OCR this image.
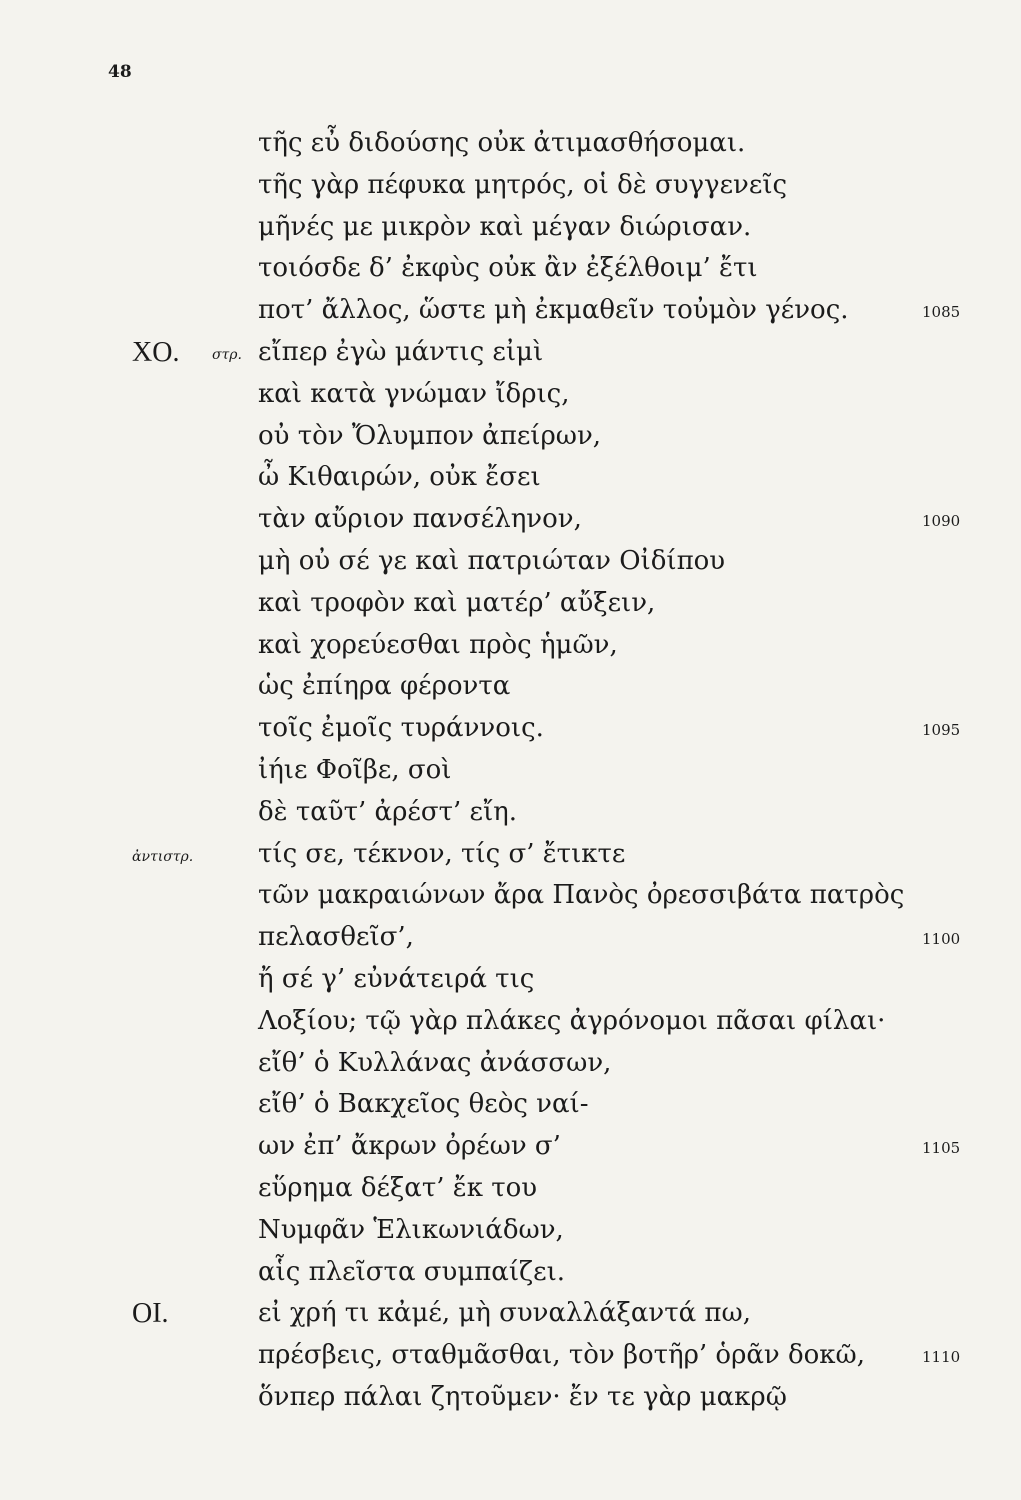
48
τῆς εὖ διδούσης οὐκ ἀτιμασθήσομαι.
τῆς γὰρ πέφυκα μητρός, οἱ δὲ συγγενεῖς
μῆνές με μικρὸν καὶ μέγαν διώρισαν.
τοιόσδε δ’ ἐκφὺς οὐκ ἂν ἐξέλθοιμ’ ἔτι
ποτ’ ἄλλος, ὥστε μὴ ἐκμαθεῖν τοὐμὸν γένος.	1085
ΧΟ. στρ. εἴπερ ἐγὼ μάντις εἰμὶ
καὶ κατὰ γνώμαν ἴδρις,
οὐ τὸν Ὄλυμπον ἀπείρων,
ὦ Κιθαιρών, οὐκ ἔσει
τὰν αὔριον πανσέληνον,	1090
μὴ οὐ σέ γε καὶ πατριώταν Οἰδίπου
καὶ τροφὸν καὶ ματέρ’ αὔξειν,
καὶ χορεύεσθαι πρὸς ἡμῶν,
ὡς ἐπίηρα φέροντα
τοῖς ἐμοῖς τυράννοις.	1095
ἰήιε Φοῖβε, σοὶ
δὲ ταῦτ’ ἀρέστ’ εἴη.
ἀντιστρ. τίς σε, τέκνον, τίς σ’ ἔτικτε
τῶν μακραιώνων ἄρα Πανὸς ὀρεσσιβάτα πατρὸς
πελασθεῖσ’,	1100
ἤ σέ γ’ εὐνάτειρά τις
Λοξίου; τῷ γὰρ πλάκες ἀγρόνομοι πᾶσαι φίλαι·
εἴθ’ ὁ Κυλλάνας ἀνάσσων,
εἴθ’ ὁ Βακχεῖος θεὸς ναί-
ων ἐπ’ ἄκρων ὀρέων σ’	1105
εὕρημα δέξατ’ ἔκ του
Νυμφᾶν Ἑλικωνιάδων,
αἷς πλεῖστα συμπαίζει.
ΟΙ.	εἰ χρή τι κἀμέ, μὴ συναλλάξαντά πω,
πρέσβεις, σταθμᾶσθαι, τὸν βοτῆρ’ ὁρᾶν δοκῶ,	1110
ὅνπερ πάλαι ζητοῦμεν· ἔν τε γὰρ μακρῷ
